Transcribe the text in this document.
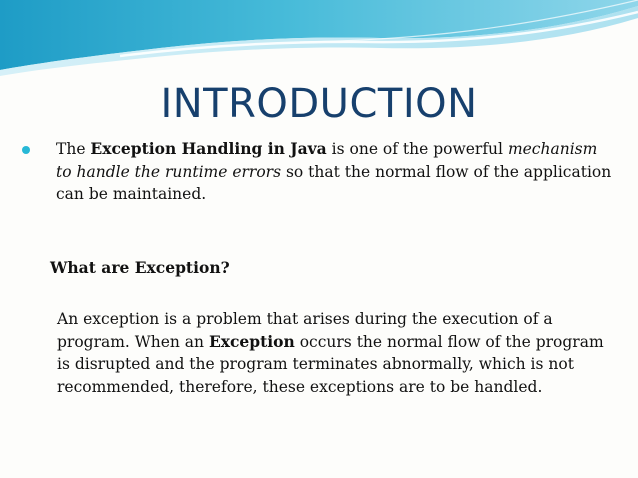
INTRODUCTION

The Exception Handling in Java is one of the powerful mechanism to handle the runtime errors so that the normal flow of the application can be maintained.

What are Exception?

An exception is a problem that arises during the execution of a program. When an Exception occurs the normal flow of the program is disrupted and the program terminates abnormally, which is not recommended, therefore, these exceptions are to be handled.
